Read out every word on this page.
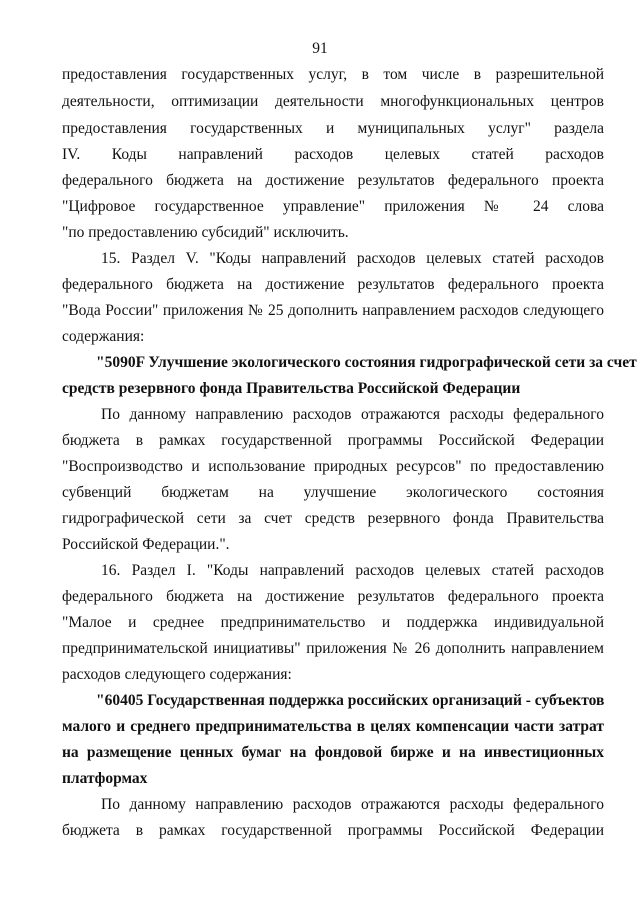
91
предоставления государственных услуг, в том числе в разрешительной
деятельности, оптимизации деятельности многофункциональных центров
предоставления государственных и муниципальных услуг" раздела
IV. Коды направлений расходов целевых статей расходов
федерального бюджета на достижение результатов федерального проекта
"Цифровое государственное управление" приложения № 24 слова
"по предоставлению субсидий" исключить.
15. Раздел V. "Коды направлений расходов целевых статей расходов
федерального бюджета на достижение результатов федерального проекта
"Вода России" приложения № 25 дополнить направлением расходов следующего
содержания:
"5090F Улучшение экологического состояния гидрографической сети за счет
средств резервного фонда Правительства Российской Федерации
По данному направлению расходов отражаются расходы федерального
бюджета в рамках государственной программы Российской Федерации
"Воспроизводство и использование природных ресурсов" по предоставлению
субвенций бюджетам на улучшение экологического состояния
гидрографической сети за счет средств резервного фонда Правительства
Российской Федерации.".
16. Раздел I. "Коды направлений расходов целевых статей расходов
федерального бюджета на достижение результатов федерального проекта
"Малое и среднее предпринимательство и поддержка индивидуальной
предпринимательской инициативы" приложения № 26 дополнить направлением
расходов следующего содержания:
"60405 Государственная поддержка российских организаций - субъектов
малого и среднего предпринимательства в целях компенсации части затрат
на размещение ценных бумаг на фондовой бирже и на инвестиционных
платформах
По данному направлению расходов отражаются расходы федерального
бюджета в рамках государственной программы Российской Федерации
